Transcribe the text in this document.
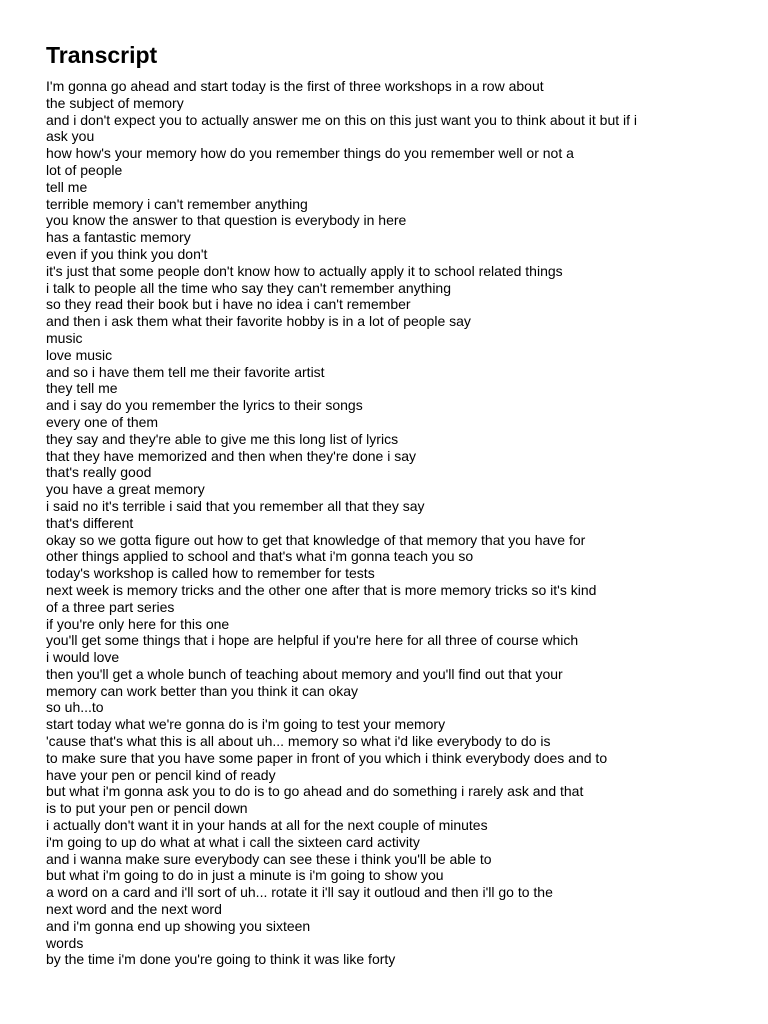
Transcript

I'm gonna go ahead and start today is the first of three workshops in a row about

the subject of memory

and i don't expect you to actually answer me on this on this just want you to think about it but if i

ask you

how how's your memory how do you remember things do you remember well or not a

lot of people

tell me

terrible memory i can't remember anything

you know the answer to that question is everybody in here

has a fantastic memory

even if you think you don't

it's just that some people don't know how to actually apply it to school related things

i talk to people all the time who say they can't remember anything

so they read their book but i have no idea i can't remember

and then i ask them what their favorite hobby is in a lot of people say

music

love music

and so i have them tell me their favorite artist

they tell me

and i say do you remember the lyrics to their songs

every one of them

they say and they're able to give me this long list of lyrics

that they have memorized and then when they're done i say

that's really good

you have a great memory

i said no it's terrible i said that you remember all that they say

that's different

okay so we gotta figure out how to get that knowledge of that memory that you have for

other things applied to school and that's what i'm gonna teach you so

today's workshop is called how to remember for tests

next week is memory tricks and the other one after that is more memory tricks so it's kind

of a three part series

if you're only here for this one

you'll get some things that i hope are helpful if you're here for all three of course which

i would love

then you'll get a whole bunch of teaching about memory and you'll find out that your

memory can work better than you think it can okay

so uh...to

start today what we're gonna do is i'm going to test your memory

'cause that's what this is all about uh... memory so what i'd like everybody to do is

to make sure that you have some paper in front of you which i think everybody does and to

have your pen or pencil kind of ready

but what i'm gonna ask you to do is to go ahead and do something i rarely ask and that

is to put your pen or pencil down

i actually don't want it in your hands at all for the next couple of minutes

i'm going to up do what at what i call the sixteen card activity

and i wanna make sure everybody can see these i think you'll be able to

but what i'm going to do in just a minute is i'm going to show you

a word on a card and i'll sort of uh... rotate it i'll say it outloud and then i'll go to the

next word and the next word

and i'm gonna end up showing you sixteen

words

by the time i'm done you're going to think it was like forty
